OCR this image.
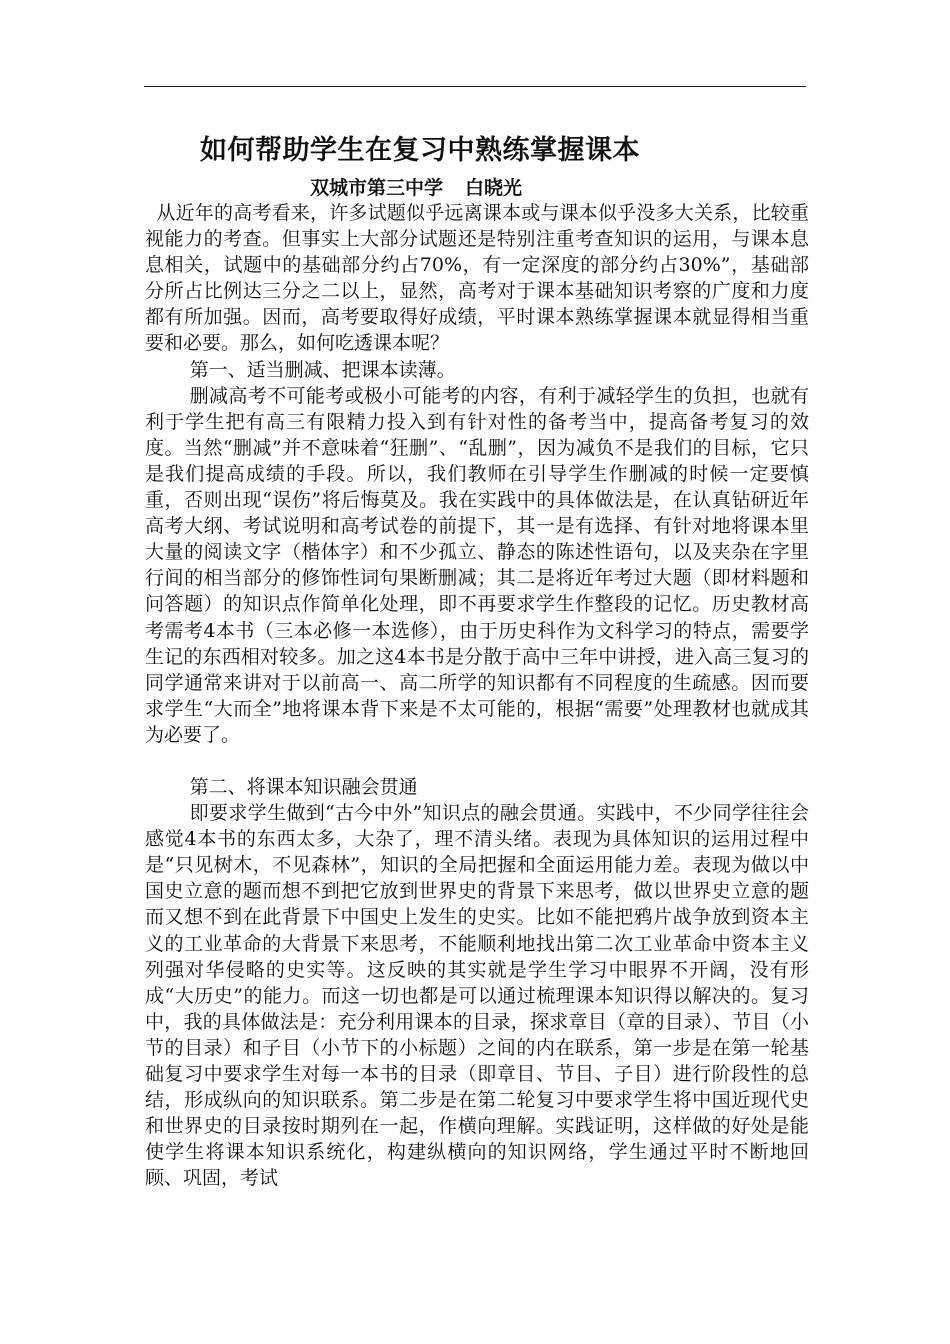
如何帮助学生在复习中熟练掌握课本
双城市第三中学 白晓光

从近年的高考看来，许多试题似乎远离课本或与课本似乎没多大关系，比较重视能力的考查。但事实上大部分试题还是特别注重考查知识的运用，与课本息息相关，试题中的基础部分约占70%，有一定深度的部分约占30%”，基础部分所占比例达三分之二以上，显然，高考对于课本基础知识考察的广度和力度都有所加强。因而，高考要取得好成绩，平时课本熟练掌握课本就显得相当重要和必要。那么，如何吃透课本呢？

第一、适当删减、把课本读薄。

删减高考不可能考或极小可能考的内容，有利于减轻学生的负担，也就有利于学生把有高三有限精力投入到有针对性的备考当中，提高备考复习的效度。当然“删减”并不意味着“狂删”、“乱删”，因为减负不是我们的目标，它只是我们提高成绩的手段。所以，我们教师在引导学生作删减的时候一定要慎重，否则出现“误伤”将后悔莫及。我在实践中的具体做法是，在认真钻研近年高考大纲、考试说明和高考试卷的前提下，其一是有选择、有针对地将课本里大量的阅读文字（楷体字）和不少孤立、静态的陈述性语句，以及夹杂在字里行间的相当部分的修饰性词句果断删减；其二是将近年考过大题（即材料题和问答题）的知识点作简单化处理，即不再要求学生作整段的记忆。历史教材高考需考4本书（三本必修一本选修），由于历史科作为文科学习的特点，需要学生记的东西相对较多。加之这4本书是分散于高中三年中讲授，进入高三复习的同学通常来讲对于以前高一、高二所学的知识都有不同程度的生疏感。因而要求学生“大而全”地将课本背下来是不太可能的，根据“需要”处理教材也就成其为必要了。

第二、将课本知识融会贯通

即要求学生做到“古今中外”知识点的融会贯通。实践中，不少同学往往会感觉4本书的东西太多，大杂了，理不清头绪。表现为具体知识的运用过程中是“只见树木，不见森林”，知识的全局把握和全面运用能力差。表现为做以中国史立意的题而想不到把它放到世界史的背景下来思考，做以世界史立意的题而又想不到在此背景下中国史上发生的史实。比如不能把鸦片战争放到资本主义的工业革命的大背景下来思考，不能顺利地找出第二次工业革命中资本主义列强对华侵略的史实等。这反映的其实就是学生学习中眼界不开阔，没有形成“大历史”的能力。而这一切也都是可以通过梳理课本知识得以解决的。复习中，我的具体做法是：充分利用课本的目录，探求章目（章的目录）、节目（小节的目录）和子目（小节下的小标题）之间的内在联系，第一步是在第一轮基础复习中要求学生对每一本书的目录（即章目、节目、子目）进行阶段性的总结，形成纵向的知识联系。第二步是在第二轮复习中要求学生将中国近现代史和世界史的目录按时期列在一起，作横向理解。实践证明，这样做的好处是能使学生将课本知识系统化，构建纵横向的知识网络，学生通过平时不断地回顾、巩固，考试
